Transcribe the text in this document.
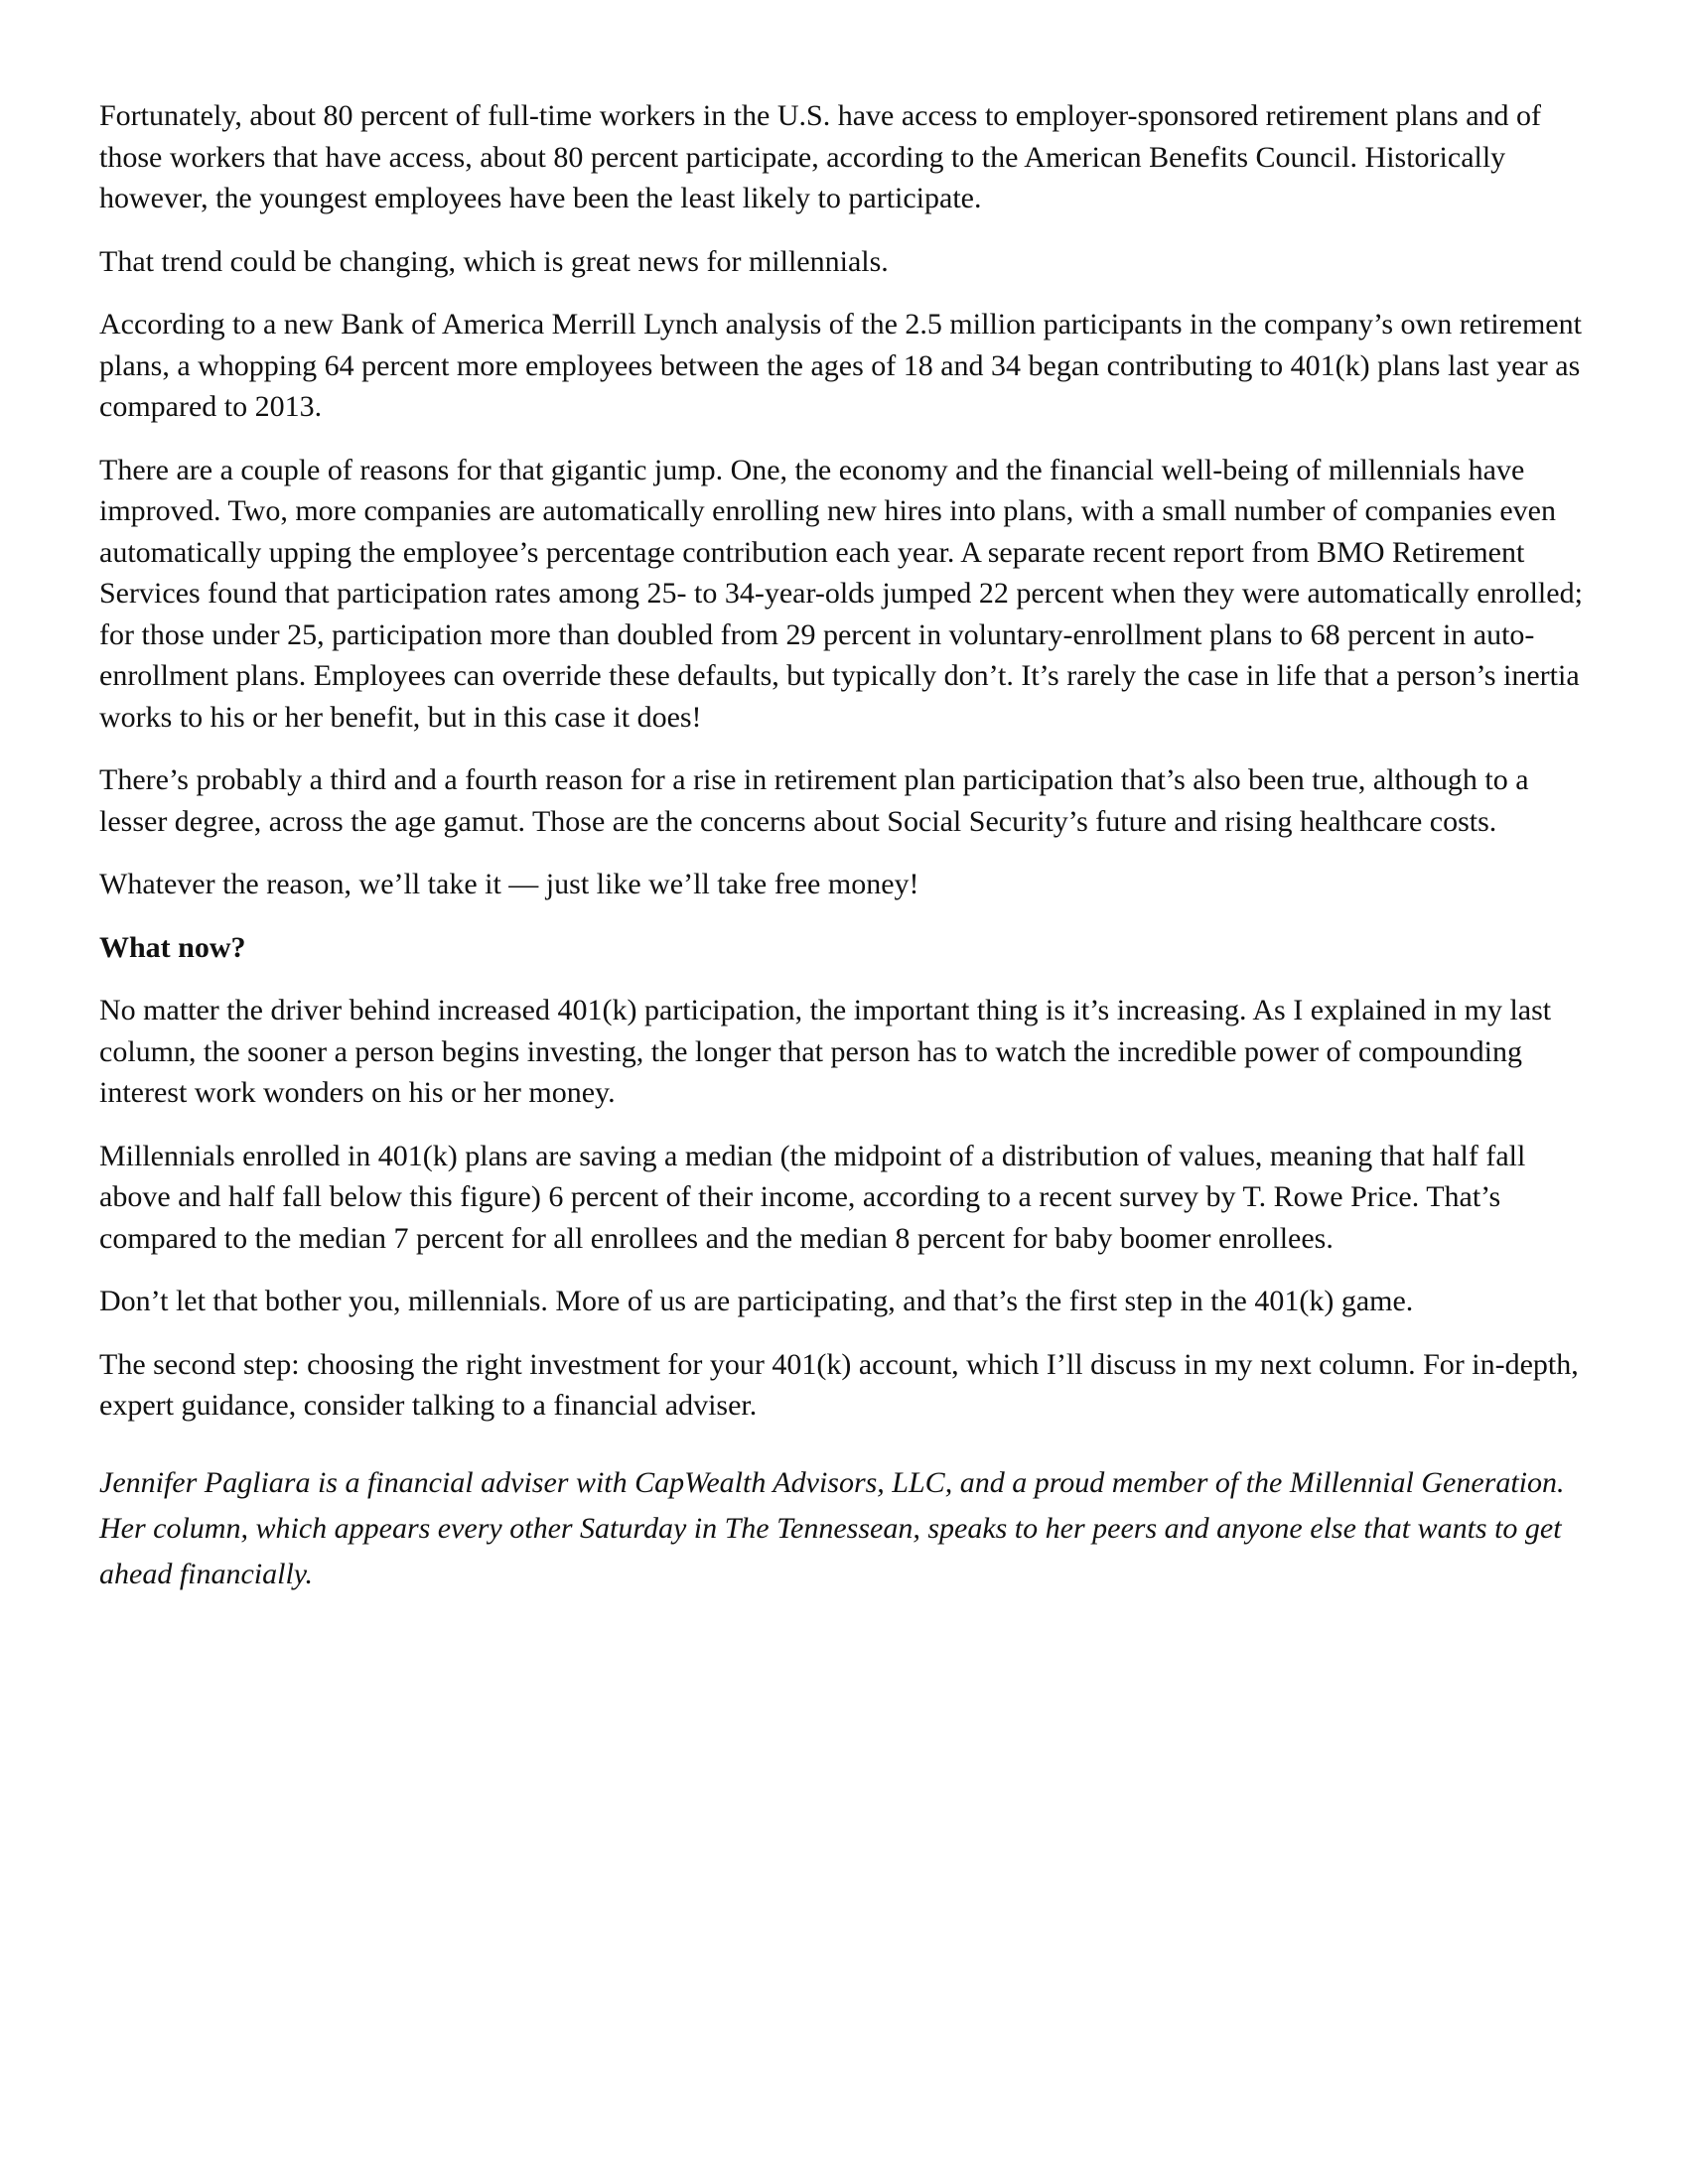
Fortunately, about 80 percent of full-time workers in the U.S. have access to employer-sponsored retirement plans and of those workers that have access, about 80 percent participate, according to the American Benefits Council. Historically however, the youngest employees have been the least likely to participate.

That trend could be changing, which is great news for millennials.

According to a new Bank of America Merrill Lynch analysis of the 2.5 million participants in the company’s own retirement plans, a whopping 64 percent more employees between the ages of 18 and 34 began contributing to 401(k) plans last year as compared to 2013.

There are a couple of reasons for that gigantic jump. One, the economy and the financial well-being of millennials have improved. Two, more companies are automatically enrolling new hires into plans, with a small number of companies even automatically upping the employee’s percentage contribution each year. A separate recent report from BMO Retirement Services found that participation rates among 25- to 34-year-olds jumped 22 percent when they were automatically enrolled; for those under 25, participation more than doubled from 29 percent in voluntary-enrollment plans to 68 percent in auto-enrollment plans. Employees can override these defaults, but typically don’t. It’s rarely the case in life that a person’s inertia works to his or her benefit, but in this case it does!

There’s probably a third and a fourth reason for a rise in retirement plan participation that’s also been true, although to a lesser degree, across the age gamut. Those are the concerns about Social Security’s future and rising healthcare costs.

Whatever the reason, we’ll take it — just like we’ll take free money!

What now?

No matter the driver behind increased 401(k) participation, the important thing is it’s increasing. As I explained in my last column, the sooner a person begins investing, the longer that person has to watch the incredible power of compounding interest work wonders on his or her money.

Millennials enrolled in 401(k) plans are saving a median (the midpoint of a distribution of values, meaning that half fall above and half fall below this figure) 6 percent of their income, according to a recent survey by T. Rowe Price. That’s compared to the median 7 percent for all enrollees and the median 8 percent for baby boomer enrollees.

Don’t let that bother you, millennials. More of us are participating, and that’s the first step in the 401(k) game.

The second step: choosing the right investment for your 401(k) account, which I’ll discuss in my next column. For in-depth, expert guidance, consider talking to a financial adviser.

Jennifer Pagliara is a financial adviser with CapWealth Advisors, LLC, and a proud member of the Millennial Generation. Her column, which appears every other Saturday in The Tennessean, speaks to her peers and anyone else that wants to get ahead financially.
